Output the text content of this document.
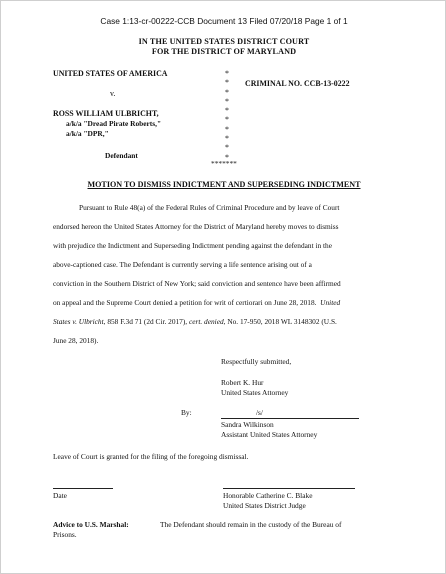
Case 1:13-cr-00222-CCB Document 13 Filed 07/20/18 Page 1 of 1
IN THE UNITED STATES DISTRICT COURT
FOR THE DISTRICT OF MARYLAND
UNITED STATES OF AMERICA
v.
ROSS WILLIAM ULBRICHT,
a/k/a "Dread Pirate Roberts,"
a/k/a "DPR,"
Defendant
*
*
*
*
*
*
*
*
*
*
*******
CRIMINAL NO. CCB-13-0222
MOTION TO DISMISS INDICTMENT AND SUPERSEDING INDICTMENT
Pursuant to Rule 48(a) of the Federal Rules of Criminal Procedure and by leave of Court
endorsed hereon the United States Attorney for the District of Maryland hereby moves to dismiss
with prejudice the Indictment and Superseding Indictment pending against the defendant in the
above-captioned case. The Defendant is currently serving a life sentence arising out of a
conviction in the Southern District of New York; said conviction and sentence have been affirmed
on appeal and the Supreme Court denied a petition for writ of certiorari on June 28, 2018. United
States v. Ulbricht, 858 F.3d 71 (2d Cir. 2017), cert. denied, No. 17-950, 2018 WL 3148302 (U.S.
June 28, 2018).
Respectfully submitted,
Robert K. Hur
United States Attorney
By:	/s/
Sandra Wilkinson
Assistant United States Attorney
Leave of Court is granted for the filing of the foregoing dismissal.
Date	Honorable Catherine C. Blake
United States District Judge
Advice to U.S. Marshal:	The Defendant should remain in the custody of the Bureau of
Prisons.
